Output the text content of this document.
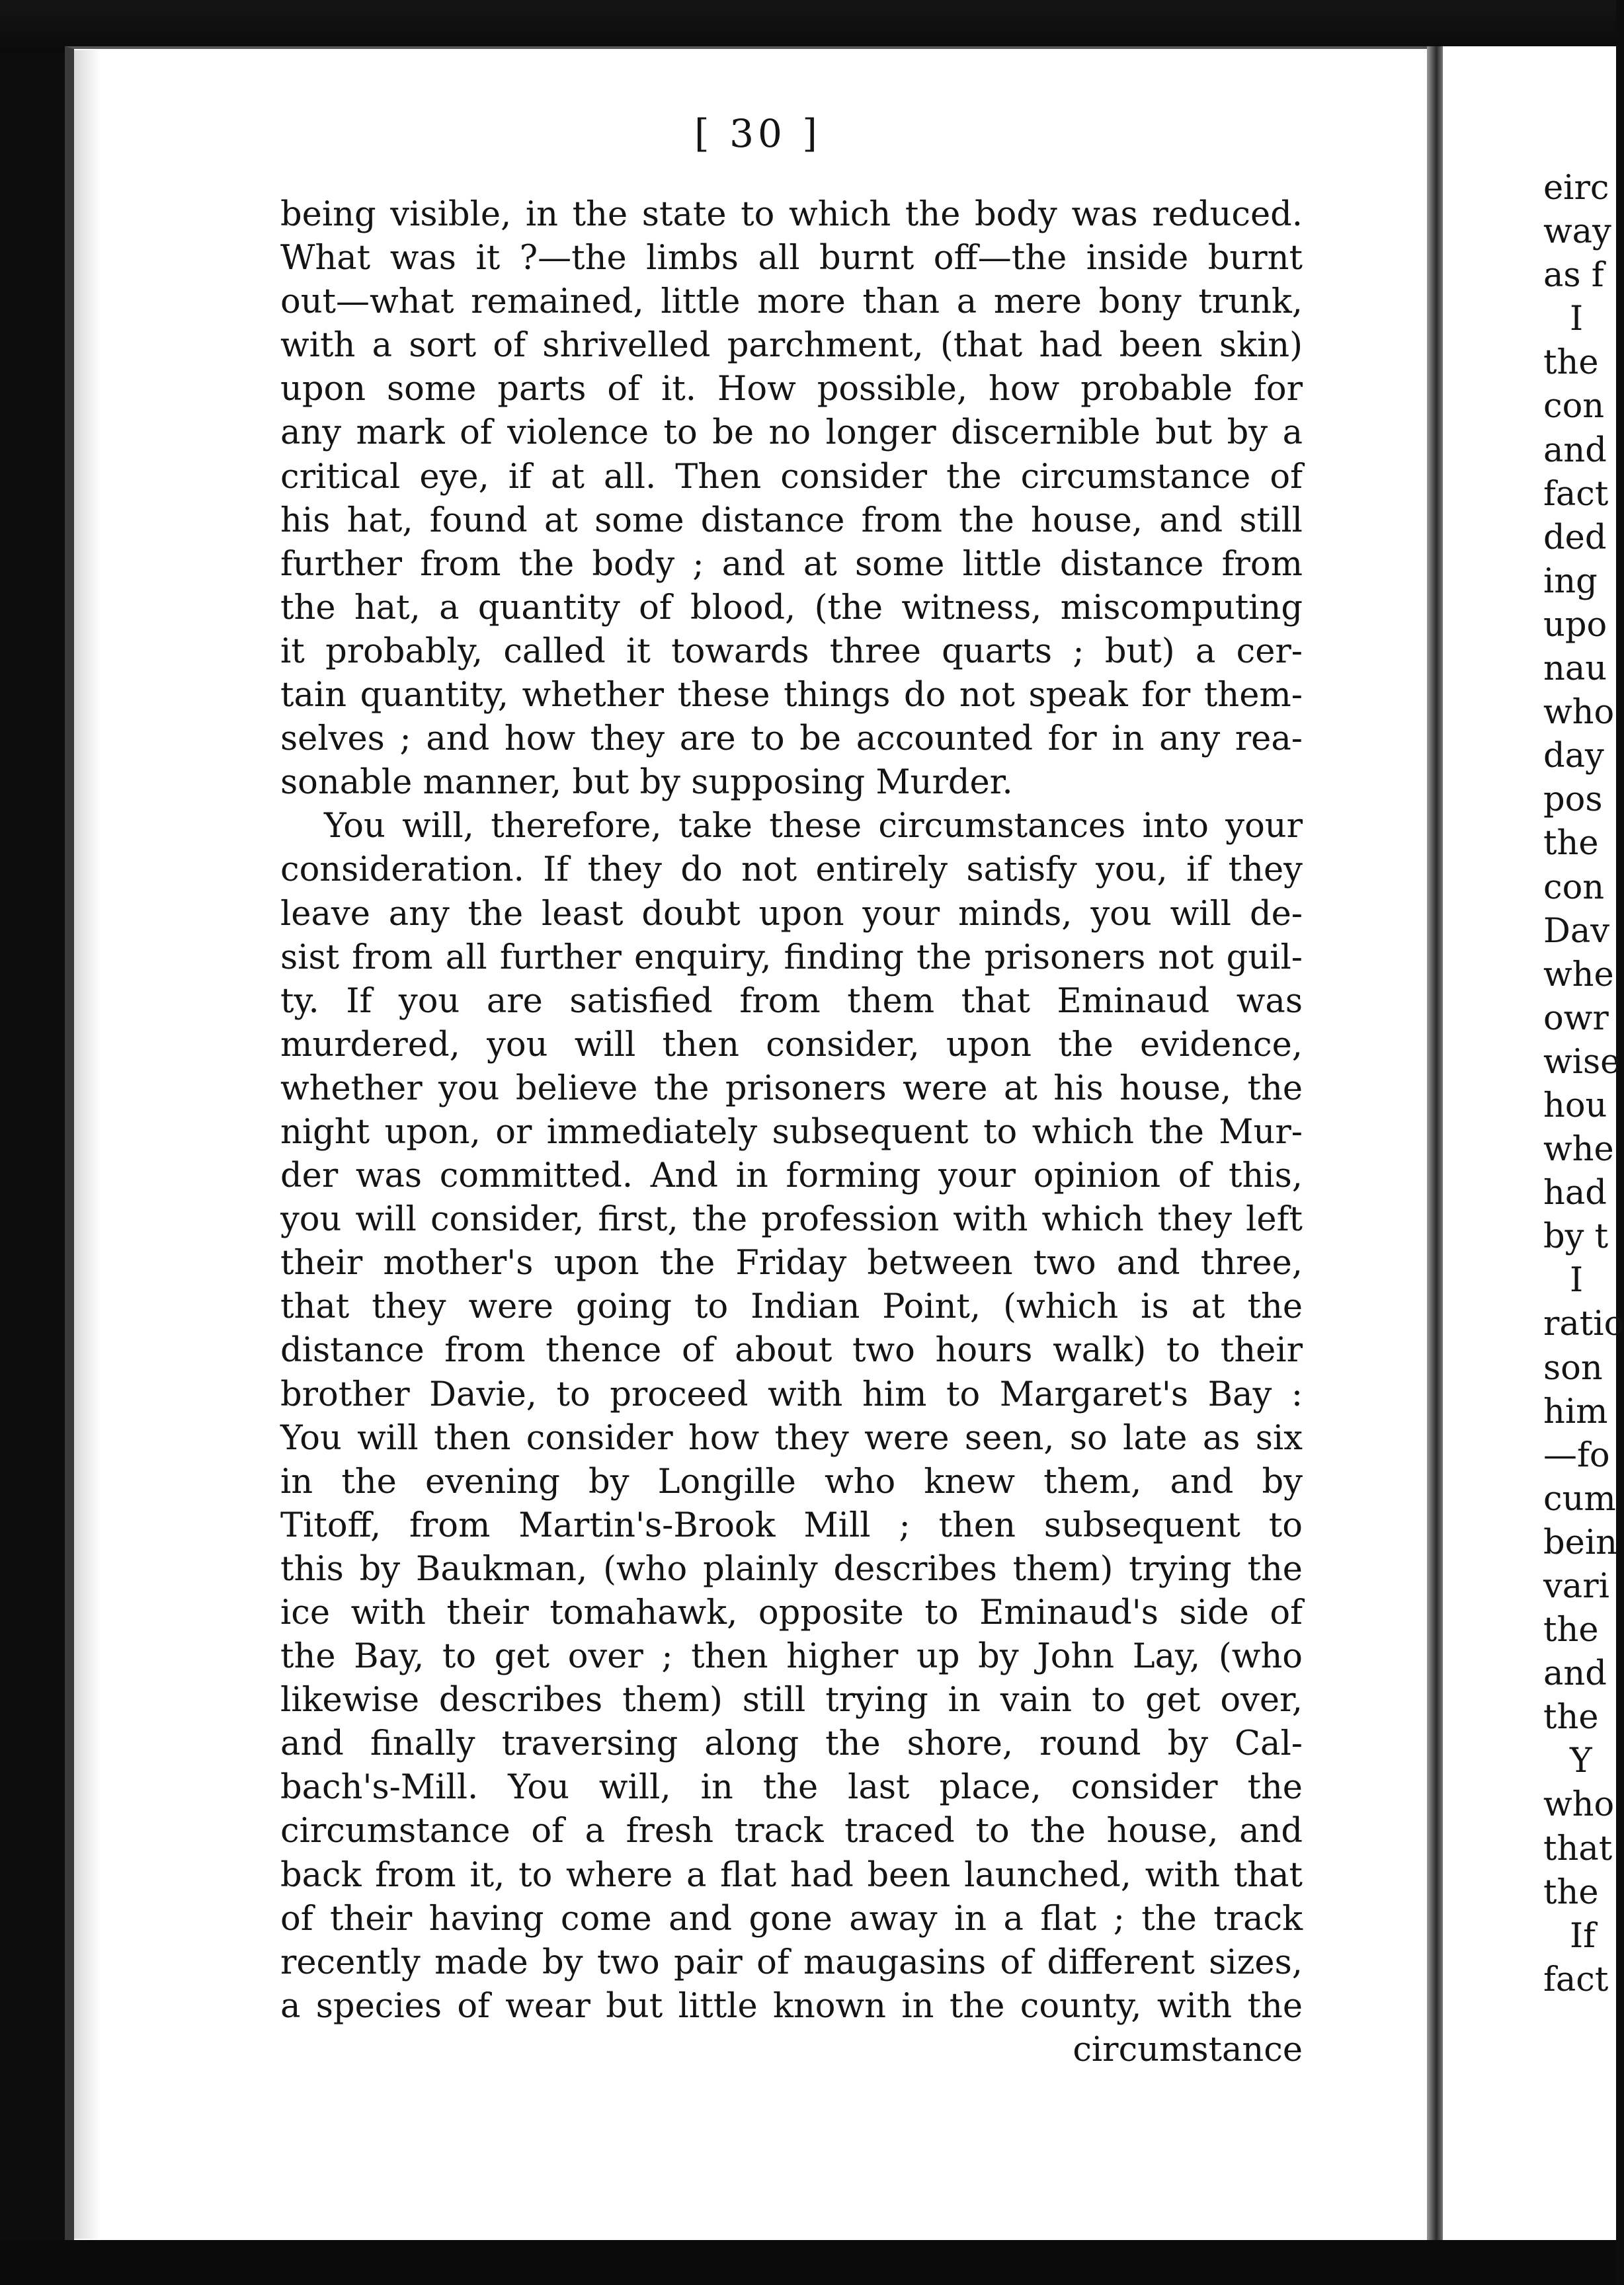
[ 30 ]
being visible, in the state to which the body was reduced.
What was it ?—the limbs all burnt off—the inside burnt
out—what remained, little more than a mere bony trunk,
with a sort of shrivelled parchment, (that had been skin)
upon some parts of it. How possible, how probable for
any mark of violence to be no longer discernible but by a
critical eye, if at all. Then consider the circumstance of
his hat, found at some distance from the house, and still
further from the body ; and at some little distance from
the hat, a quantity of blood, (the witness, miscomputing
it probably, called it towards three quarts ; but) a cer-
tain quantity, whether these things do not speak for them-
selves ; and how they are to be accounted for in any rea-
sonable manner, but by supposing Murder.
You will, therefore, take these circumstances into your
consideration. If they do not entirely satisfy you, if they
leave any the least doubt upon your minds, you will de-
sist from all further enquiry, finding the prisoners not guil-
ty. If you are satisfied from them that Eminaud was
murdered, you will then consider, upon the evidence,
whether you believe the prisoners were at his house, the
night upon, or immediately subsequent to which the Mur-
der was committed. And in forming your opinion of this,
you will consider, first, the profession with which they left
their mother's upon the Friday between two and three,
that they were going to Indian Point, (which is at the
distance from thence of about two hours walk) to their
brother Davie, to proceed with him to Margaret's Bay :
You will then consider how they were seen, so late as six
in the evening by Longille who knew them, and by
Titoff, from Martin's-Brook Mill ; then subsequent to
this by Baukman, (who plainly describes them) trying the
ice with their tomahawk, opposite to Eminaud's side of
the Bay, to get over ; then higher up by John Lay, (who
likewise describes them) still trying in vain to get over,
and finally traversing along the shore, round by Cal-
bach's-Mill. You will, in the last place, consider the
circumstance of a fresh track traced to the house, and
back from it, to where a flat had been launched, with that
of their having come and gone away in a flat ; the track
recently made by two pair of maugasins of different sizes,
a species of wear but little known in the county, with the
circumstance
eirc
way
as f
I
the
con
and
fact
ded
ing
upo
nau
who
day
pos
the
con
Dav
whe
owr
wise
hou
whe
had
by t
I
ratio
son
him
—fo
cum
bein
vari
the
and
the
Y
who
that
the
If
fact
